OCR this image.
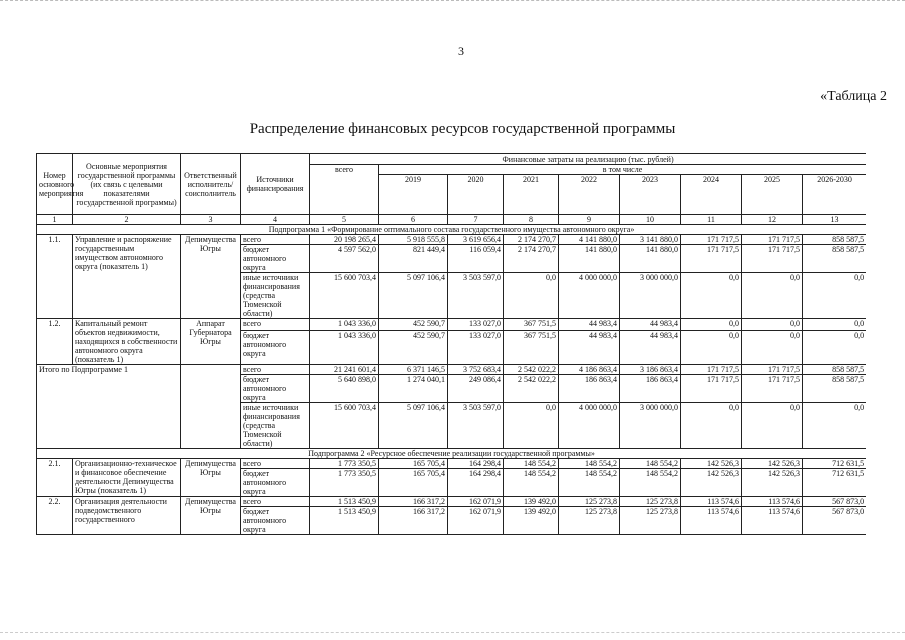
3
«Таблица 2
Распределение финансовых ресурсов государственной программы
Номер основного мероприятия	Основные мероприятия государственной программы (их связь с целевыми показателями государственной программы)	Ответственный исполнитель/ соисполнитель	Источники финансирования	Финансовые затраты на реализацию (тыс. рублей)								
				всего	в том числе							
					2019	2020	2021	2022	2023	2024	2025	2026-2030
1	2	3	4	5	6	7	8	9	10	11	12	13
Подпрограмма 1 «Формирование оптимального состава государственного имущества автономного округа»												
1.1.	Управление и распоряжение государственным имуществом автономного округа (показатель 1)	Депимущества Югры	всего	20 198 265,4	5 918 555,8	3 619 656,4	2 174 270,7	4 141 880,0	3 141 880,0	171 717,5	171 717,5	858 587,5
			бюджет автономного округа	4 597 562,0	821 449,4	116 059,4	2 174 270,7	141 880,0	141 880,0	171 717,5	171 717,5	858 587,5
			иные источники финансирования (средства Тюменской области)	15 600 703,4	5 097 106,4	3 503 597,0	0,0	4 000 000,0	3 000 000,0	0,0	0,0	0,0
1.2.	Капитальный ремонт объектов недвижимости, находящихся в собственности автономного округа (показатель 1)	Аппарат Губернатора Югры	всего	1 043 336,0	452 590,7	133 027,0	367 751,5	44 983,4	44 983,4	0,0	0,0	0,0
			бюджет автономного округа	1 043 336,0	452 590,7	133 027,0	367 751,5	44 983,4	44 983,4	0,0	0,0	0,0
Итого по Подпрограмме 1			всего	21 241 601,4	6 371 146,5	3 752 683,4	2 542 022,2	4 186 863,4	3 186 863,4	171 717,5	171 717,5	858 587,5
			бюджет автономного округа	5 640 898,0	1 274 040,1	249 086,4	2 542 022,2	186 863,4	186 863,4	171 717,5	171 717,5	858 587,5
			иные источники финансирования (средства Тюменской области)	15 600 703,4	5 097 106,4	3 503 597,0	0,0	4 000 000,0	3 000 000,0	0,0	0,0	0,0
Подпрограмма 2 «Ресурсное обеспечение реализации государственной программы»												
2.1.	Организационно-техническое и финансовое обеспечение деятельности Депимущества Югры (показатель 1)	Депимущества Югры	всего	1 773 350,5	165 705,4	164 298,4	148 554,2	148 554,2	148 554,2	142 526,3	142 526,3	712 631,5
			бюджет автономного округа	1 773 350,5	165 705,4	164 298,4	148 554,2	148 554,2	148 554,2	142 526,3	142 526,3	712 631,5
2.2.	Организация деятельности подведомственного государственного	Депимущества Югры	всего	1 513 450,9	166 317,2	162 071,9	139 492,0	125 273,8	125 273,8	113 574,6	113 574,6	567 873,0
			бюджет автономного округа	1 513 450,9	166 317,2	162 071,9	139 492,0	125 273,8	125 273,8	113 574,6	113 574,6	567 873,0
